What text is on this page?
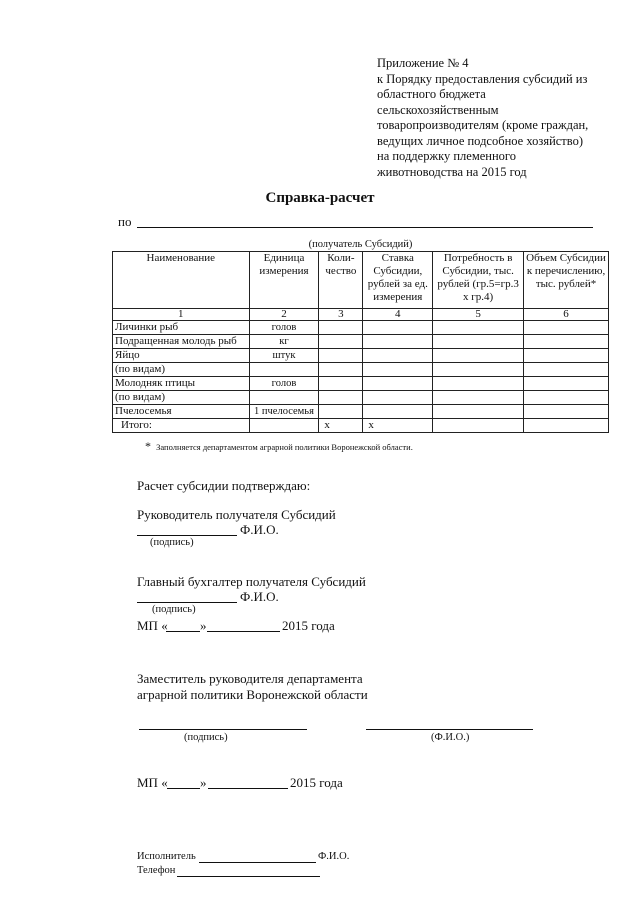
Приложение № 4
к Порядку предоставления субсидий из
областного бюджета
сельскохозяйственным
товаропроизводителям (кроме граждан,
ведущих личное подсобное хозяйство)
на поддержку племенного
животноводства на 2015 год
Справка-расчет
по
(получатель Субсидий)					
Наименование	Единица измерения	Коли-чество	Ставка Субсидии, рублей за ед. измерения	Потребность в Субсидии, тыс. рублей (гр.5=гр.3 х гр.4)	Объем Субсидии к перечислению, тыс. рублей*
1	2	3	4	5	6
Личинки рыб	голов				
Подращенная молодь рыб	кг				
Яйцо	штук				
(по видам)					
Молодняк птицы	голов				
(по видам)					
Пчелосемья	1 пчелосемья				
Итого:		х	х		
* Заполняется департаментом аграрной политики Воронежской области.
Расчет субсидии подтверждаю:
Руководитель получателя Субсидий
Ф.И.О.
(подпись)
Главный бухгалтер получателя Субсидий
Ф.И.О.
(подпись)
МП « »	2015 года
Заместитель руководителя департамента
аграрной политики Воронежской области
(подпись)	(Ф.И.О.)
МП « »	2015 года
Исполнитель	Ф.И.О.
Телефон
